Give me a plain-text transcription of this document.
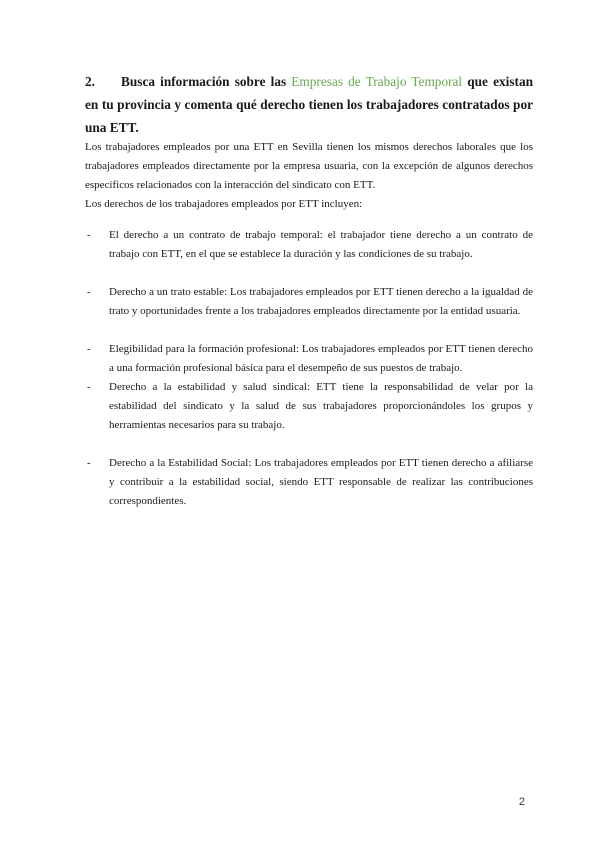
2. Busca información sobre las Empresas de Trabajo Temporal que existan en tu provincia y comenta qué derecho tienen los trabajadores contratados por una ETT.

Los trabajadores empleados por una ETT en Sevilla tienen los mismos derechos laborales que los trabajadores empleados directamente por la empresa usuaria, con la excepción de algunos derechos específicos relacionados con la interacción del sindicato con ETT.

Los derechos de los trabajadores empleados por ETT incluyen:

- El derecho a un contrato de trabajo temporal: el trabajador tiene derecho a un contrato de trabajo con ETT, en el que se establece la duración y las condiciones de su trabajo.
- Derecho a un trato estable: Los trabajadores empleados por ETT tienen derecho a la igualdad de trato y oportunidades frente a los trabajadores empleados directamente por la entidad usuaria.
- Elegibilidad para la formación profesional: Los trabajadores empleados por ETT tienen derecho a una formación profesional básica para el desempeño de sus puestos de trabajo.
- Derecho a la estabilidad y salud sindical: ETT tiene la responsabilidad de velar por la estabilidad del sindicato y la salud de sus trabajadores proporcionándoles los grupos y herramientas necesarios para su trabajo.
- Derecho a la Estabilidad Social: Los trabajadores empleados por ETT tienen derecho a afiliarse y contribuir a la estabilidad social, siendo ETT responsable de realizar las contribuciones correspondientes.
2
